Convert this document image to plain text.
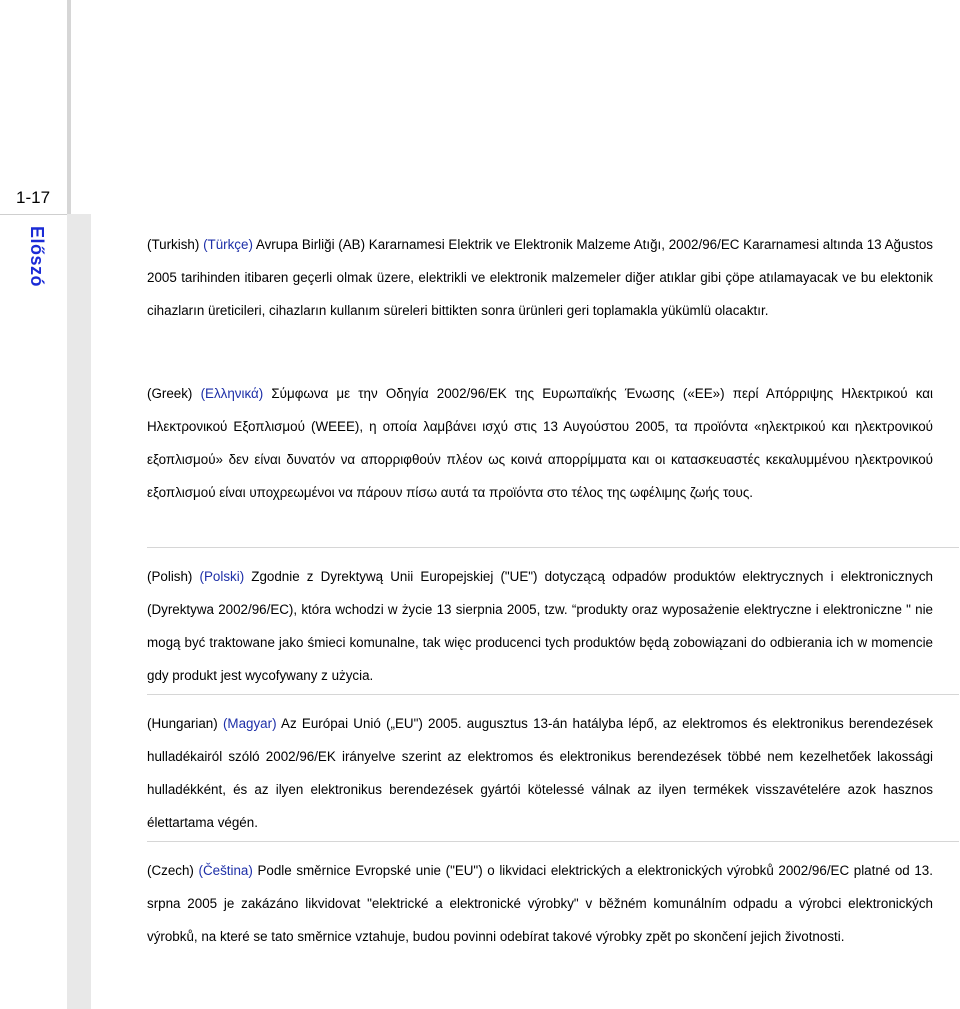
1-17
Előszó	(Turkish) (Türkçe) Avrupa Birliği (AB) Kararnamesi Elektrik ve Elektronik Malzeme Atığı, 2002/96/EC Kararnamesi altında 13 Ağustos 2005 tarihinden itibaren geçerli olmak üzere, elektrikli ve elektronik malzemeler diğer atıklar gibi çöpe atılamayacak ve bu elektonik cihazların üreticileri, cihazların kullanım süreleri bittikten sonra ürünleri geri toplamakla yükümlü olacaktır.

(Greek) (Ελληνικά) Σύμφωνα με την Οδηγία 2002/96/ΕΚ της Ευρωπαϊκής Ένωσης («ΕΕ») περί Απόρριψης Ηλεκτρικού και Ηλεκτρονικού Εξοπλισμού (WEEE), η οποία λαμβάνει ισχύ στις 13 Αυγούστου 2005, τα προϊόντα «ηλεκτρικού και ηλεκτρονικού εξοπλισμού» δεν είναι δυνατόν να απορριφθούν πλέον ως κοινά απορρίμματα και οι κατασκευαστές κεκαλυμμένου ηλεκτρονικού εξοπλισμού είναι υποχρεωμένοι να πάρουν πίσω αυτά τα προϊόντα στο τέλος της ωφέλιμης ζωής τους.

(Polish) (Polski) Zgodnie z Dyrektywą Unii Europejskiej ("UE") dotyczącą odpadów produktów elektrycznych i elektronicznych (Dyrektywa 2002/96/EC), która wchodzi w życie 13 sierpnia 2005, tzw. “produkty oraz wyposażenie elektryczne i elektroniczne " nie mogą być traktowane jako śmieci komunalne, tak więc producenci tych produktów będą zobowiązani do odbierania ich w momencie gdy produkt jest wycofywany z użycia.

(Hungarian) (Magyar) Az Európai Unió („EU") 2005. augusztus 13-án hatályba lépő, az elektromos és elektronikus berendezések hulladékairól szóló 2002/96/EK irányelve szerint az elektromos és elektronikus berendezések többé nem kezelhetőek lakossági hulladékként, és az ilyen elektronikus berendezések gyártói kötelessé válnak az ilyen termékek visszavételére azok hasznos élettartama végén.

(Czech) (Čeština) Podle směrnice Evropské unie ("EU") o likvidaci elektrických a elektronických výrobků 2002/96/EC platné od 13. srpna 2005 je zakázáno likvidovat "elektrické a elektronické výrobky" v běžném komunálním odpadu a výrobci elektronických výrobků, na které se tato směrnice vztahuje, budou povinni odebírat takové výrobky zpět po skončení jejich životnosti.
